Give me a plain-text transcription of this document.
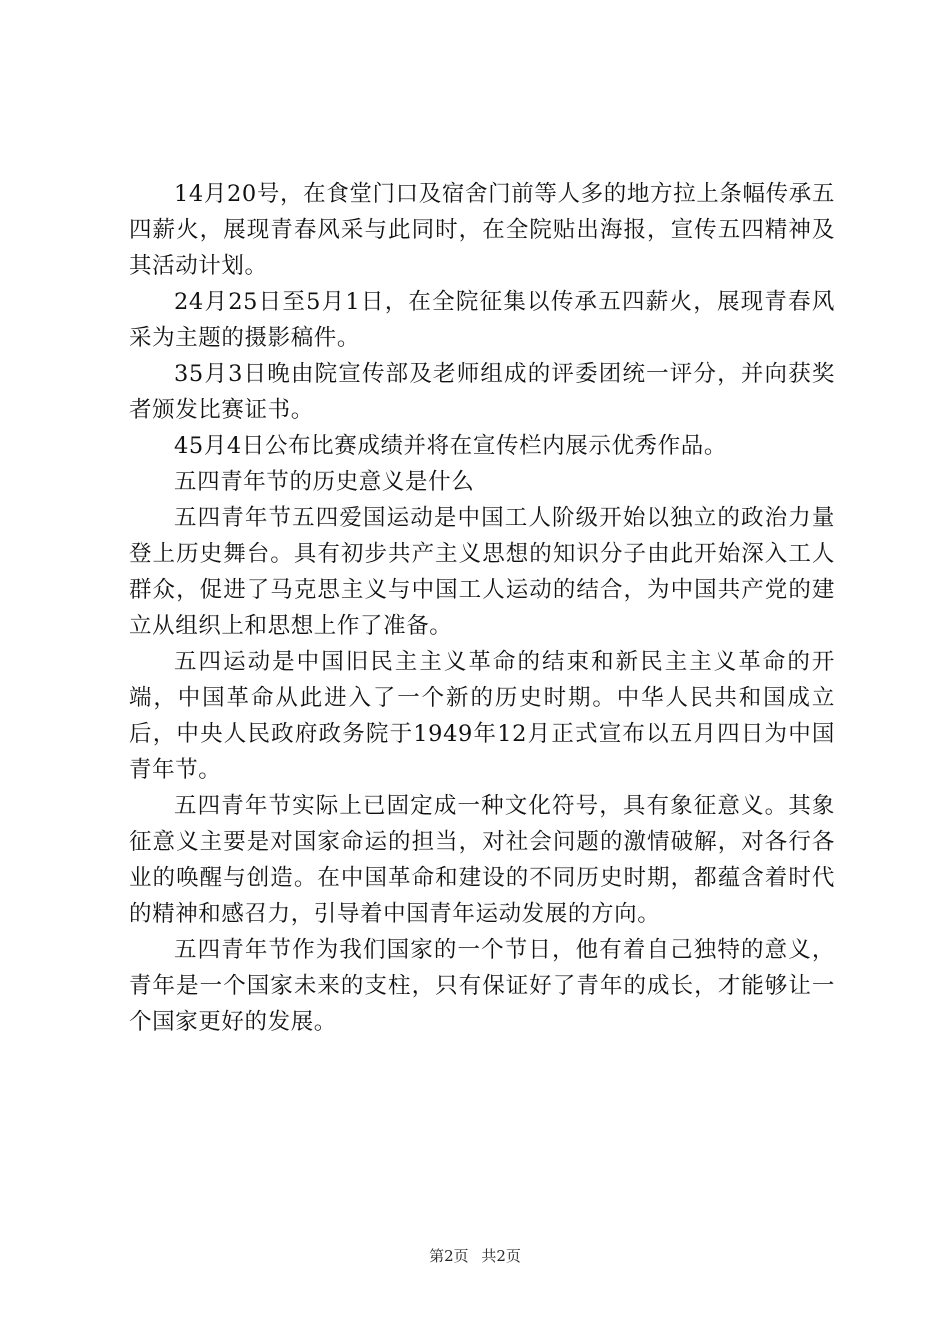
14月20号，在食堂门口及宿舍门前等人多的地方拉上条幅传承五四薪火，展现青春风采与此同时，在全院贴出海报，宣传五四精神及其活动计划。

24月25日至5月1日，在全院征集以传承五四薪火，展现青春风采为主题的摄影稿件。

35月3日晚由院宣传部及老师组成的评委团统一评分，并向获奖者颁发比赛证书。

45月4日公布比赛成绩并将在宣传栏内展示优秀作品。

五四青年节的历史意义是什么

五四青年节五四爱国运动是中国工人阶级开始以独立的政治力量登上历史舞台。具有初步共产主义思想的知识分子由此开始深入工人群众，促进了马克思主义与中国工人运动的结合，为中国共产党的建立从组织上和思想上作了准备。

五四运动是中国旧民主主义革命的结束和新民主主义革命的开端，中国革命从此进入了一个新的历史时期。中华人民共和国成立后，中央人民政府政务院于1949年12月正式宣布以五月四日为中国青年节。

五四青年节实际上已固定成一种文化符号，具有象征意义。其象征意义主要是对国家命运的担当，对社会问题的激情破解，对各行各业的唤醒与创造。在中国革命和建设的不同历史时期，都蕴含着时代的精神和感召力，引导着中国青年运动发展的方向。

五四青年节作为我们国家的一个节日，他有着自己独特的意义，青年是一个国家未来的支柱，只有保证好了青年的成长，才能够让一个国家更好的发展。

第2页 共2页
